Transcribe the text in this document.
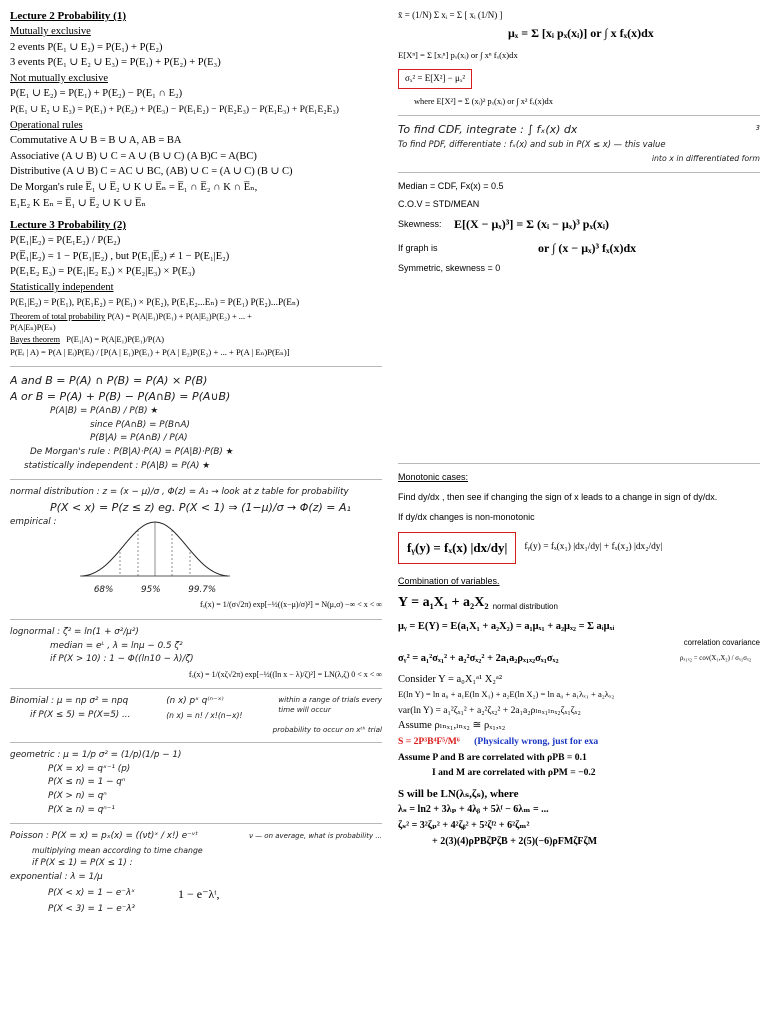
Lecture 2 Probability (1)
Mutually exclusive
2 events P(E₁ ∪ E₂) = P(E₁) + P(E₂)
3 events P(E₁ ∪ E₂ ∪ E₃) = P(E₁) + P(E₂) + P(E₃)
Not mutually exclusive
P(E₁ ∪ E₂) = P(E₁) + P(E₂) − P(E₁ ∩ E₂)
P(E₁ ∪ E₂ ∪ E₃) = P(E₁) + P(E₂) + P(E₃) − P(E₁E₂) − P(E₂E₃) − P(E₁E₃) + P(E₁E₂E₃)
Operational rules
Commutative A ∪ B = B ∪ A, AB = BA
Associative (A ∪ B) ∪ C = A ∪ (B ∪ C) (A B)C = A(BC)
Distributive (A ∪ B) C = AC ∪ BC, (AB) ∪ C = (A ∪ C) (B ∪ C)
De Morgan's rule E̅₁ ∪ E̅₂ ∪ K ∪ E̅ₙ = E̅₁ ∩ E̅₂ ∩ K ∩ E̅ₙ,
E₁E₂ K Eₙ = E̅₁ ∪ E̅₂ ∪ K ∪ E̅ₙ
Lecture 3 Probability (2)
P(E₁|E₂) = P(E₁E₂) / P(E₂)
P(E̅₁|E₂) = 1 − P(E₁|E₂) , but P(E₁|E̅₂) ≠ 1 − P(E₁|E₂)
P(E₁E₂ E₃) = P(E₁|E₂ E₃) × P(E₂|E₃) × P(E₃)
Statistically independent
P(E₁|E₂) = P(E₁), P(E₁E₂) = P(E₁) × P(E₂), P(E₁E₂...Eₙ) = P(E₁) P(E₂)...P(Eₙ)
Theorem of total probability P(A) = P(A|E₁)P(E₁) + P(A|E₂)P(E₂) + ... +
P(A|Eₙ)P(Eₙ)
Bayes theorem P(E₁|A) = P(A|E₁)P(E₁)/P(A)
P(Eᵢ | A) = P(A | Eᵢ)P(Eᵢ) / [P(A | E₁)P(E₁) + P(A | E₂)P(E₂) + ... + P(A | Eₙ)P(Eₙ)]
A and B = P(A) ∩ P(B) = P(A) × P(B)
A or B = P(A) + P(B) − P(A∩B) = P(A∪B)
P(A|B) = P(A∩B) / P(B) ★
since P(A∩B) = P(B∩A)
P(B|A) = P(A∩B) / P(A)
De Morgan's rule : P(B|A)·P(A) = P(A|B)·P(B) ★
statistically independent : P(A|B) = P(A) ★
normal distribution : z = (x − μ)/σ , Φ(z) = A₁ → look at z table for probability
P(X < x) = P(z ≤ z) eg. P(X < 1) ⇒ (1−μ)/σ → Φ(z) = A₁
empirical :
68%	95%	99.7%
fₓ(x) = 1/(σ√2π) exp[−½((x−μ)/σ)²] = N(μ,σ) −∞ < x < ∞
lognormal : ζ² = ln(1 + σ²/μ²)
median = eᴸ , λ = lnμ − 0.5 ζ²
if P(X > 10) : 1 − Φ((ln10 − λ)/ζ)
fₓ(x) = 1/(xζ√2π) exp[−½((ln x − λ)/ζ)²] = LN(λ,ζ) 0 < x < ∞
Binomial : μ = np σ² = npq
if P(X ≤ 5) = P(X=5) ...
(n x) pˣ q⁽ⁿ⁻ˣ⁾
(n x) = n! / x!(n−x)!
within a range of trials every
time will occur
probability to occur on xᵗʰ trial
geometric : μ = 1/p σ² = (1/p)(1/p − 1)
P(X = x) = qˣ⁻¹ (p)
P(X ≤ n) = 1 − qⁿ
P(X > n) = qⁿ
P(X ≥ n) = qⁿ⁻¹
Poisson : P(X = x) = pₓ(x) = ((νt)ˣ / x!) e⁻ᵛᵗ	ν — on average, what is probability ...
multiplying mean according to time change
if P(X ≤ 1) = P(X ≤ 1) :
exponential : λ = 1/μ
P(X < x) = 1 − e⁻λˣ	1 − e⁻λᵗ,
P(X < 3) = 1 − e⁻λ³
x̄ = (1/N) Σ xᵢ = Σ [ xᵢ (1/N) ]
μₓ = Σ [xᵢ pₓ(xᵢ)] or ∫ x fₓ(x)dx
E[Xⁿ] = Σ [xᵢⁿ] pₓ(xᵢ) or ∫ xⁿ fₓ(x)dx
σₓ² = E[X²] − μₓ²
where E[X²] = Σ (xᵢ)² pₓ(xᵢ) or ∫ x² fₓ(x)dx
To find CDF, integrate : ∫ fₓ(x) dx	3
To find PDF, differentiate : fₓ(x) and sub in P(X ≤ x) — this value
into x in differentiated form
Median = CDF, Fx(x) = 0.5
C.O.V = STD/MEAN
Skewness:	E[(X − μₓ)³] = Σ (xᵢ − μₓ)³ pₓ(xᵢ)
If graph is	or ∫ (x − μₓ)³ fₓ(x)dx
Symmetric, skewness = 0
Monotonic cases:
Find dy/dx , then see if changing the sign of x leads to a change in sign of dy/dx.
If dy/dx changes is non-monotonic
fᵧ(y) = fₓ(x) |dx/dy|	fᵧ(y) = fₓ(x₁) |dx₁/dy| + fₓ(x₂) |dx₂/dy|
Combination of variables.
Y = a₁X₁ + a₂X₂ normal distribution
μᵧ = E(Y) = E(a₁X₁ + a₂X₂) = a₁μₓ₁ + a₂μₓ₂ = Σ aᵢμₓᵢ
correlation covariance
σᵧ² = a₁²σₓ₁² + a₂²σₓ₂² + 2a₁a₂ρₓ₁ₓ₂σₓ₁σₓ₂	ρₓ₁ₓ₂ = cov(X₁,X₂) / σₓ₁σₓ₂
Consider Y = a₀X₁ᵃ¹ X₂ᵃ²
E(ln Y) = ln a₀ + a₁E(ln X₁) + a₂E(ln X₂) = ln a₀ + a₁λₓ₁ + a₂λₓ₂
var(ln Y) = a₁²ζₓ₁² + a₂²ζₓ₂² + 2a₁a₂ρₗₙₓ₁ₗₙₓ₂ζₓ₁ζₓ₂
Assume ρₗₙₓ₁,ₗₙₓ₂ ≅ ρₓ₁,ₓ₂
S = 2P³B⁴F⁵/M⁶ (Physically wrong, just for exa
Assume P and B are correlated with ρPB = 0.1
I and M are correlated with ρPM = −0.2
S will be LN(λₛ,ζₛ), where
λₛ = ln2 + 3λₚ + 4λᵦ + 5λᶠ − 6λₘ = ...
ζₛ² = 3²ζₚ² + 4²ζᵦ² + 5²ζᶠ² + 6²ζₘ²
+ 2(3)(4)ρPBζPζB + 2(5)(−6)ρFMζFζM
